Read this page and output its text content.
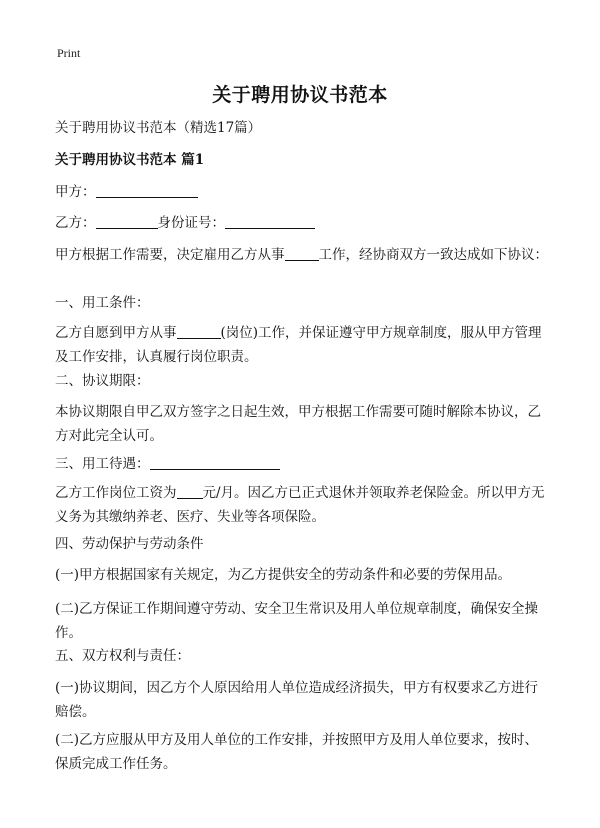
Print
关于聘用协议书范本
关于聘用协议书范本（精选17篇）
关于聘用协议书范本 篇1
甲方：
乙方：	身份证号：
甲方根据工作需要，决定雇用乙方从事	工作，经协商双方一致达成如下协议：
一、用工条件：
乙方自愿到甲方从事	(岗位)工作，并保证遵守甲方规章制度，服从甲方管理及工作安排，认真履行岗位职责。
二、协议期限：
本协议期限自甲乙双方签字之日起生效，甲方根据工作需要可随时解除本协议，乙方对此完全认可。
三、用工待遇：
乙方工作岗位工资为 元/月。因乙方已正式退休并领取养老保险金。所以甲方无义务为其缴纳养老、医疗、失业等各项保险。
四、劳动保护与劳动条件
(一)甲方根据国家有关规定，为乙方提供安全的劳动条件和必要的劳保用品。
(二)乙方保证工作期间遵守劳动、安全卫生常识及用人单位规章制度，确保安全操作。
五、双方权利与责任：
(一)协议期间，因乙方个人原因给用人单位造成经济损失，甲方有权要求乙方进行赔偿。
(二)乙方应服从甲方及用人单位的工作安排，并按照甲方及用人单位要求，按时、保质完成工作任务。
